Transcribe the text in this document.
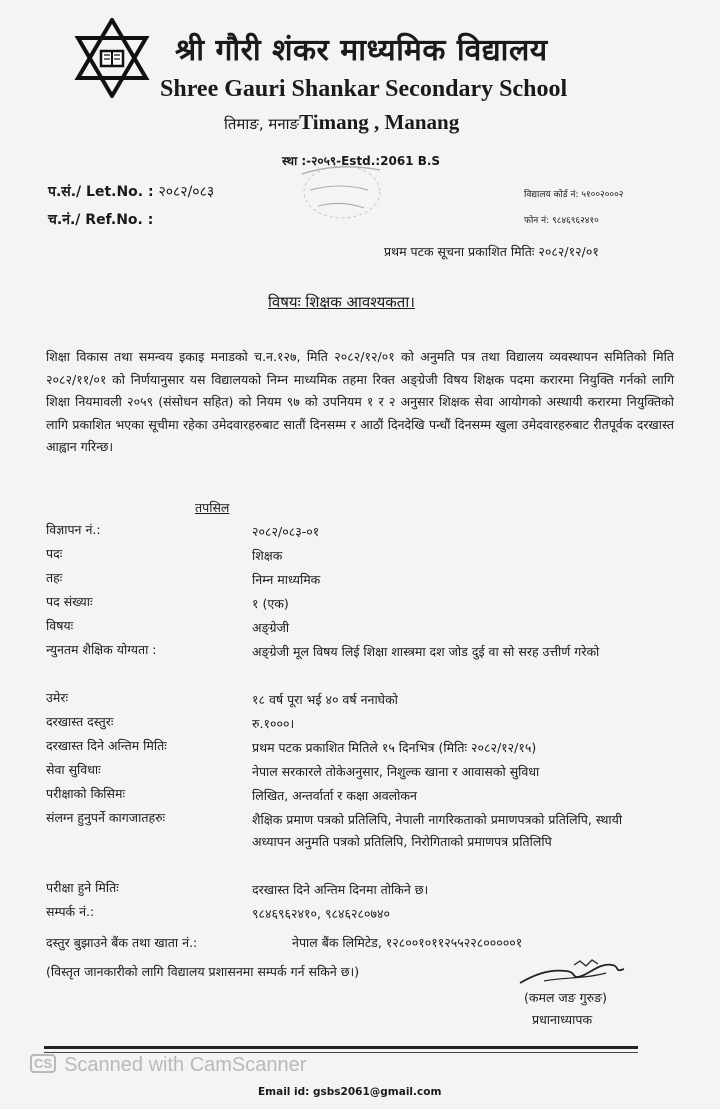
श्री गौरी शंकर माध्यमिक विद्यालय
Shree Gauri Shankar Secondary School
तिमाङ, मनाङTimang , Manang
स्था :-२०५९-Estd.:2061 B.S
प.सं./ Let.No. : २०८२/०८३
च.नं./ Ref.No. :
विद्यालय कोर्ड नं: ५१००२०००२
फोन नं: ९८४६९६२४१०
प्रथम पटक सूचना प्रकाशित मितिः २०८२/१२/०१
विषयः शिक्षक आवश्यकता।
शिक्षा विकास तथा समन्वय इकाइ मनाडको च.न.१२७, मिति २०८२/१२/०१ को अनुमति पत्र तथा विद्यालय व्यवस्थापन समितिको मिति २०८२/११/०१ को निर्णयानुसार यस विद्यालयको निम्न माध्यमिक तहमा रिक्त अङ्ग्रेजी विषय शिक्षक पदमा करारमा नियुक्ति गर्नको लागि शिक्षा नियमावली २०५९ (संसोधन सहित) को नियम ९७ को उपनियम १ र २ अनुसार शिक्षक सेवा आयोगको अस्थायी करारमा नियुक्तिको लागि प्रकाशित भएका सूचीमा रहेका उमेदवारहरुबाट सातौं दिनसम्म र आठौं दिनदेखि पन्धौं दिनसम्म खुला उमेदवारहरुबाट रीतपूर्वक दरखास्त आह्वान गरिन्छ।
तपसिल
विज्ञापन नं.:	२०८२/०८३-०१
पदः	शिक्षक
तहः	निम्न माध्यमिक
पद संख्याः	१ (एक)
विषयः	अङ्ग्रेजी
न्युनतम शैक्षिक योग्यता :	अङ्ग्रेजी मूल विषय लिई शिक्षा शास्त्रमा दश जोड दुई वा सो सरह उत्तीर्ण गरेको
उमेरः	१८ वर्ष पूरा भई ४० वर्ष ननाघेको
दरखास्त दस्तुरः	रु.१०००।
दरखास्त दिने अन्तिम मितिः	प्रथम पटक प्रकाशित मितिले १५ दिनभित्र (मितिः २०८२/१२/१५)
सेवा सुविधाः	नेपाल सरकारले तोकेअनुसार, निशुल्क खाना र आवासको सुविधा
परीक्षाको किसिमः	लिखित, अन्तर्वार्ता र कक्षा अवलोकन
संलग्न हुनुपर्ने कागजातहरुः	शैक्षिक प्रमाण पत्रको प्रतिलिपि, नेपाली नागरिकताको प्रमाणपत्रको प्रतिलिपि, स्थायी अध्यापन अनुमति पत्रको प्रतिलिपि, निरोगिताको प्रमाणपत्र प्रतिलिपि
परीक्षा हुने मितिः	दरखास्त दिने अन्तिम दिनमा तोकिने छ।
सम्पर्क नं.:	९८४६९६२४१०, ९८४६२८०७४०
दस्तुर बुझाउने बैंक तथा खाता नं.:	नेपाल बैंक लिमिटेड, १२८००१०११२५५२२८०००००१
(विस्तृत जानकारीको लागि विद्यालय प्रशासनमा सम्पर्क गर्न सकिने छ।)
(कमल जङ गुरुङ)
प्रधानाध्यापक
CS Scanned with CamScanner
Email id: gsbs2061@gmail.com
